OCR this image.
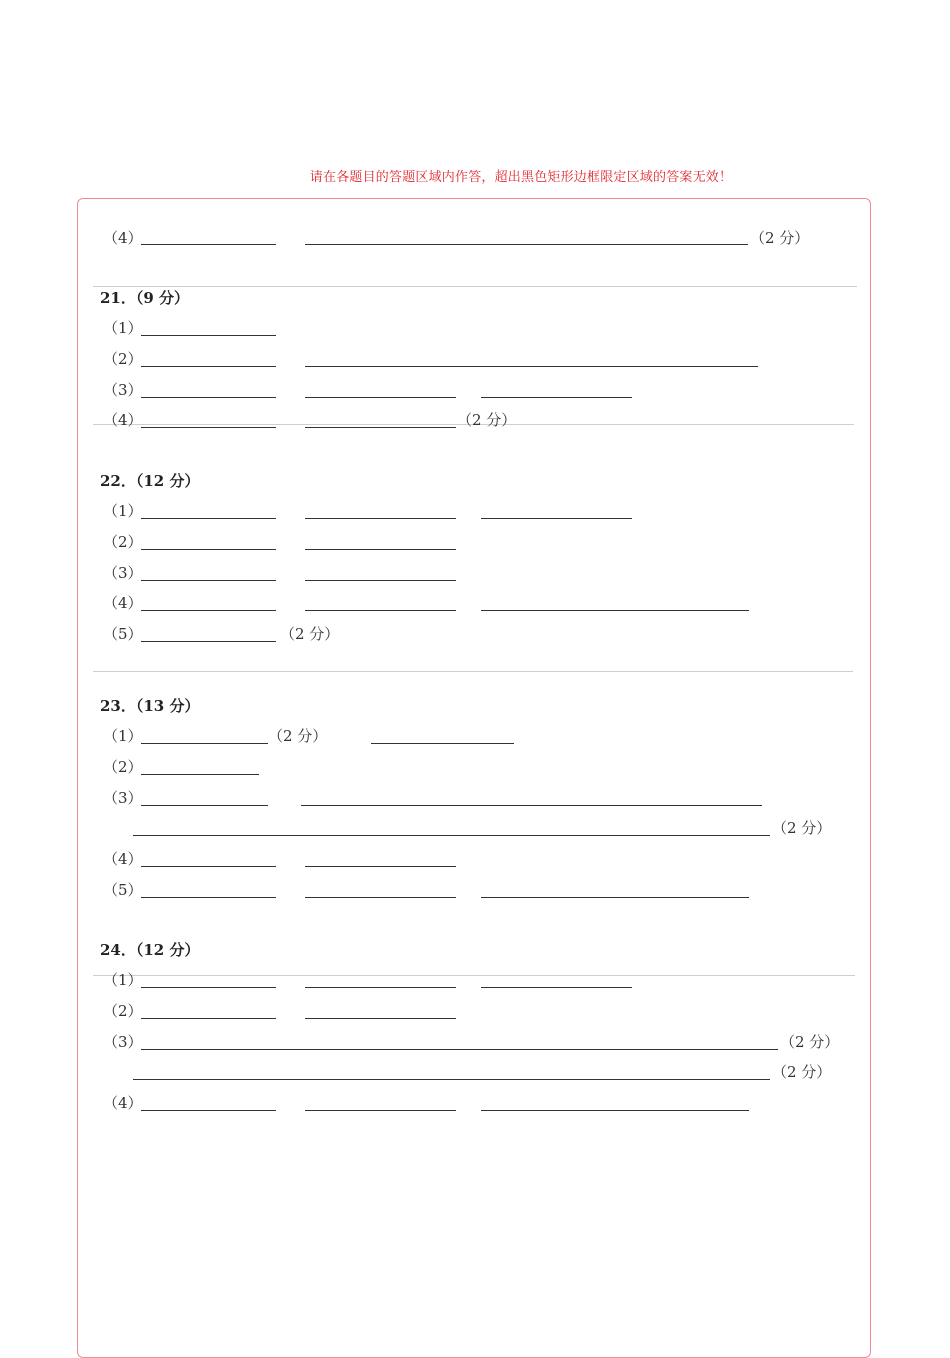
请在各题目的答题区域内作答，超出黑色矩形边框限定区域的答案无效！
（4）	（2 分）
21．（9 分）
（1）
（2）
（3）
（4）	（2 分）
22．（12 分）
（1）
（2）
（3）
（4）
（5）	（2 分）
23．（13 分）
（1）	（2 分）
（2）
（3）
（2 分）
（4）
（5）
24．（12 分）
（1）
（2）
（3）	（2 分）
（2 分）
（4）
